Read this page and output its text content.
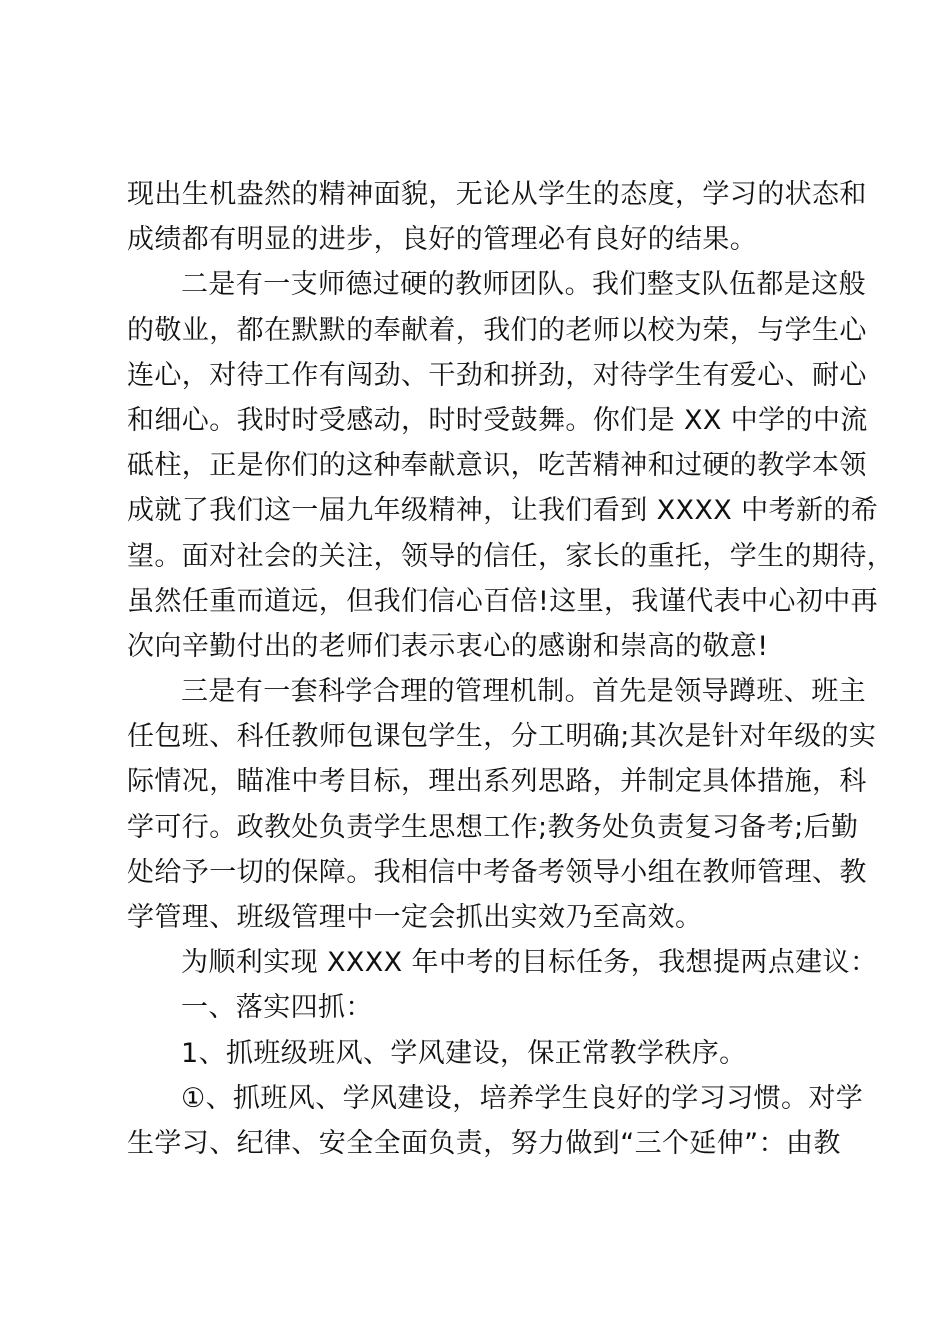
现出生机盎然的精神面貌，无论从学生的态度，学习的状态和
成绩都有明显的进步，良好的管理必有良好的结果。

二是有一支师德过硬的教师团队。我们整支队伍都是这般
的敬业，都在默默的奉献着，我们的老师以校为荣，与学生心
连心，对待工作有闯劲、干劲和拼劲，对待学生有爱心、耐心
和细心。我时时受感动，时时受鼓舞。你们是 XX 中学的中流
砥柱，正是你们的这种奉献意识，吃苦精神和过硬的教学本领
成就了我们这一届九年级精神，让我们看到 XXXX 中考新的希
望。面对社会的关注，领导的信任，家长的重托，学生的期待，
虽然任重而道远，但我们信心百倍!这里，我谨代表中心初中再
次向辛勤付出的老师们表示衷心的感谢和崇高的敬意!

三是有一套科学合理的管理机制。首先是领导蹲班、班主
任包班、科任教师包课包学生，分工明确;其次是针对年级的实
际情况，瞄准中考目标，理出系列思路，并制定具体措施，科
学可行。政教处负责学生思想工作;教务处负责复习备考;后勤
处给予一切的保障。我相信中考备考领导小组在教师管理、教
学管理、班级管理中一定会抓出实效乃至高效。

为顺利实现 XXXX 年中考的目标任务，我想提两点建议：

一、落实四抓：

1、抓班级班风、学风建设，保正常教学秩序。

①、抓班风、学风建设，培养学生良好的学习习惯。对学
生学习、纪律、安全全面负责，努力做到“三个延伸”：由教
